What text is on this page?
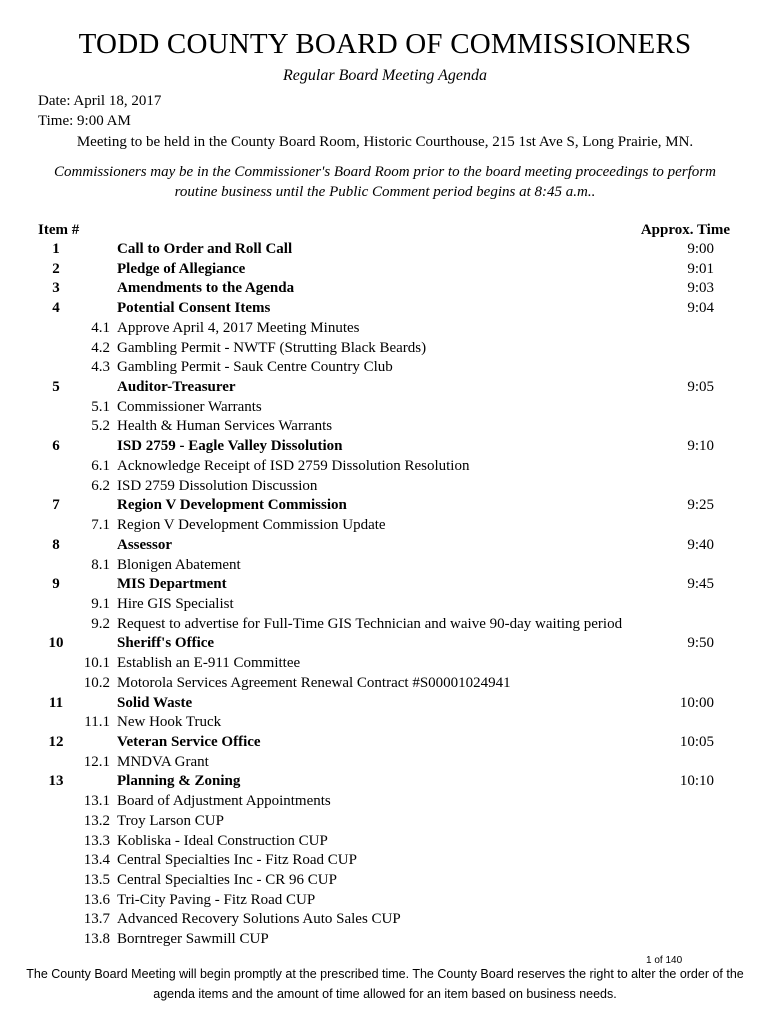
TODD COUNTY BOARD OF COMMISSIONERS
Regular Board Meeting Agenda
Date: April 18, 2017
Time: 9:00 AM
Meeting to be held in the County Board Room, Historic Courthouse, 215 1st Ave S, Long Prairie, MN.
Commissioners may be in the Commissioner's Board Room prior to the board meeting proceedings to perform routine business until the Public Comment period begins at 8:45 a.m..
Item #	Approx. Time
1	Call to Order and Roll Call	9:00
2	Pledge of Allegiance	9:01
3	Amendments to the Agenda	9:03
4	Potential Consent Items	9:04
4.1 Approve April 4, 2017 Meeting Minutes
4.2 Gambling Permit - NWTF (Strutting Black Beards)
4.3 Gambling Permit - Sauk Centre Country Club
5	Auditor-Treasurer	9:05
5.1 Commissioner Warrants
5.2 Health & Human Services Warrants
6	ISD 2759 - Eagle Valley Dissolution	9:10
6.1 Acknowledge Receipt of ISD 2759 Dissolution Resolution
6.2 ISD 2759 Dissolution Discussion
7	Region V Development Commission	9:25
7.1 Region V Development Commission Update
8	Assessor	9:40
8.1 Blonigen Abatement
9	MIS Department	9:45
9.1 Hire GIS Specialist
9.2 Request to advertise for Full-Time GIS Technician and waive 90-day waiting period
10	Sheriff's Office	9:50
10.1 Establish an E-911 Committee
10.2 Motorola Services Agreement Renewal Contract #S00001024941
11	Solid Waste	10:00
11.1 New Hook Truck
12	Veteran Service Office	10:05
12.1 MNDVA Grant
13	Planning & Zoning	10:10
13.1 Board of Adjustment Appointments
13.2 Troy Larson CUP
13.3 Kobliska - Ideal Construction CUP
13.4 Central Specialties Inc - Fitz Road CUP
13.5 Central Specialties Inc - CR 96 CUP
13.6 Tri-City Paving - Fitz Road CUP
13.7 Advanced Recovery Solutions Auto Sales CUP
13.8 Borntreger Sawmill CUP
1 of 140
The County Board Meeting will begin promptly at the prescribed time. The County Board reserves the right to alter the order of the agenda items and the amount of time allowed for an item based on business needs.
